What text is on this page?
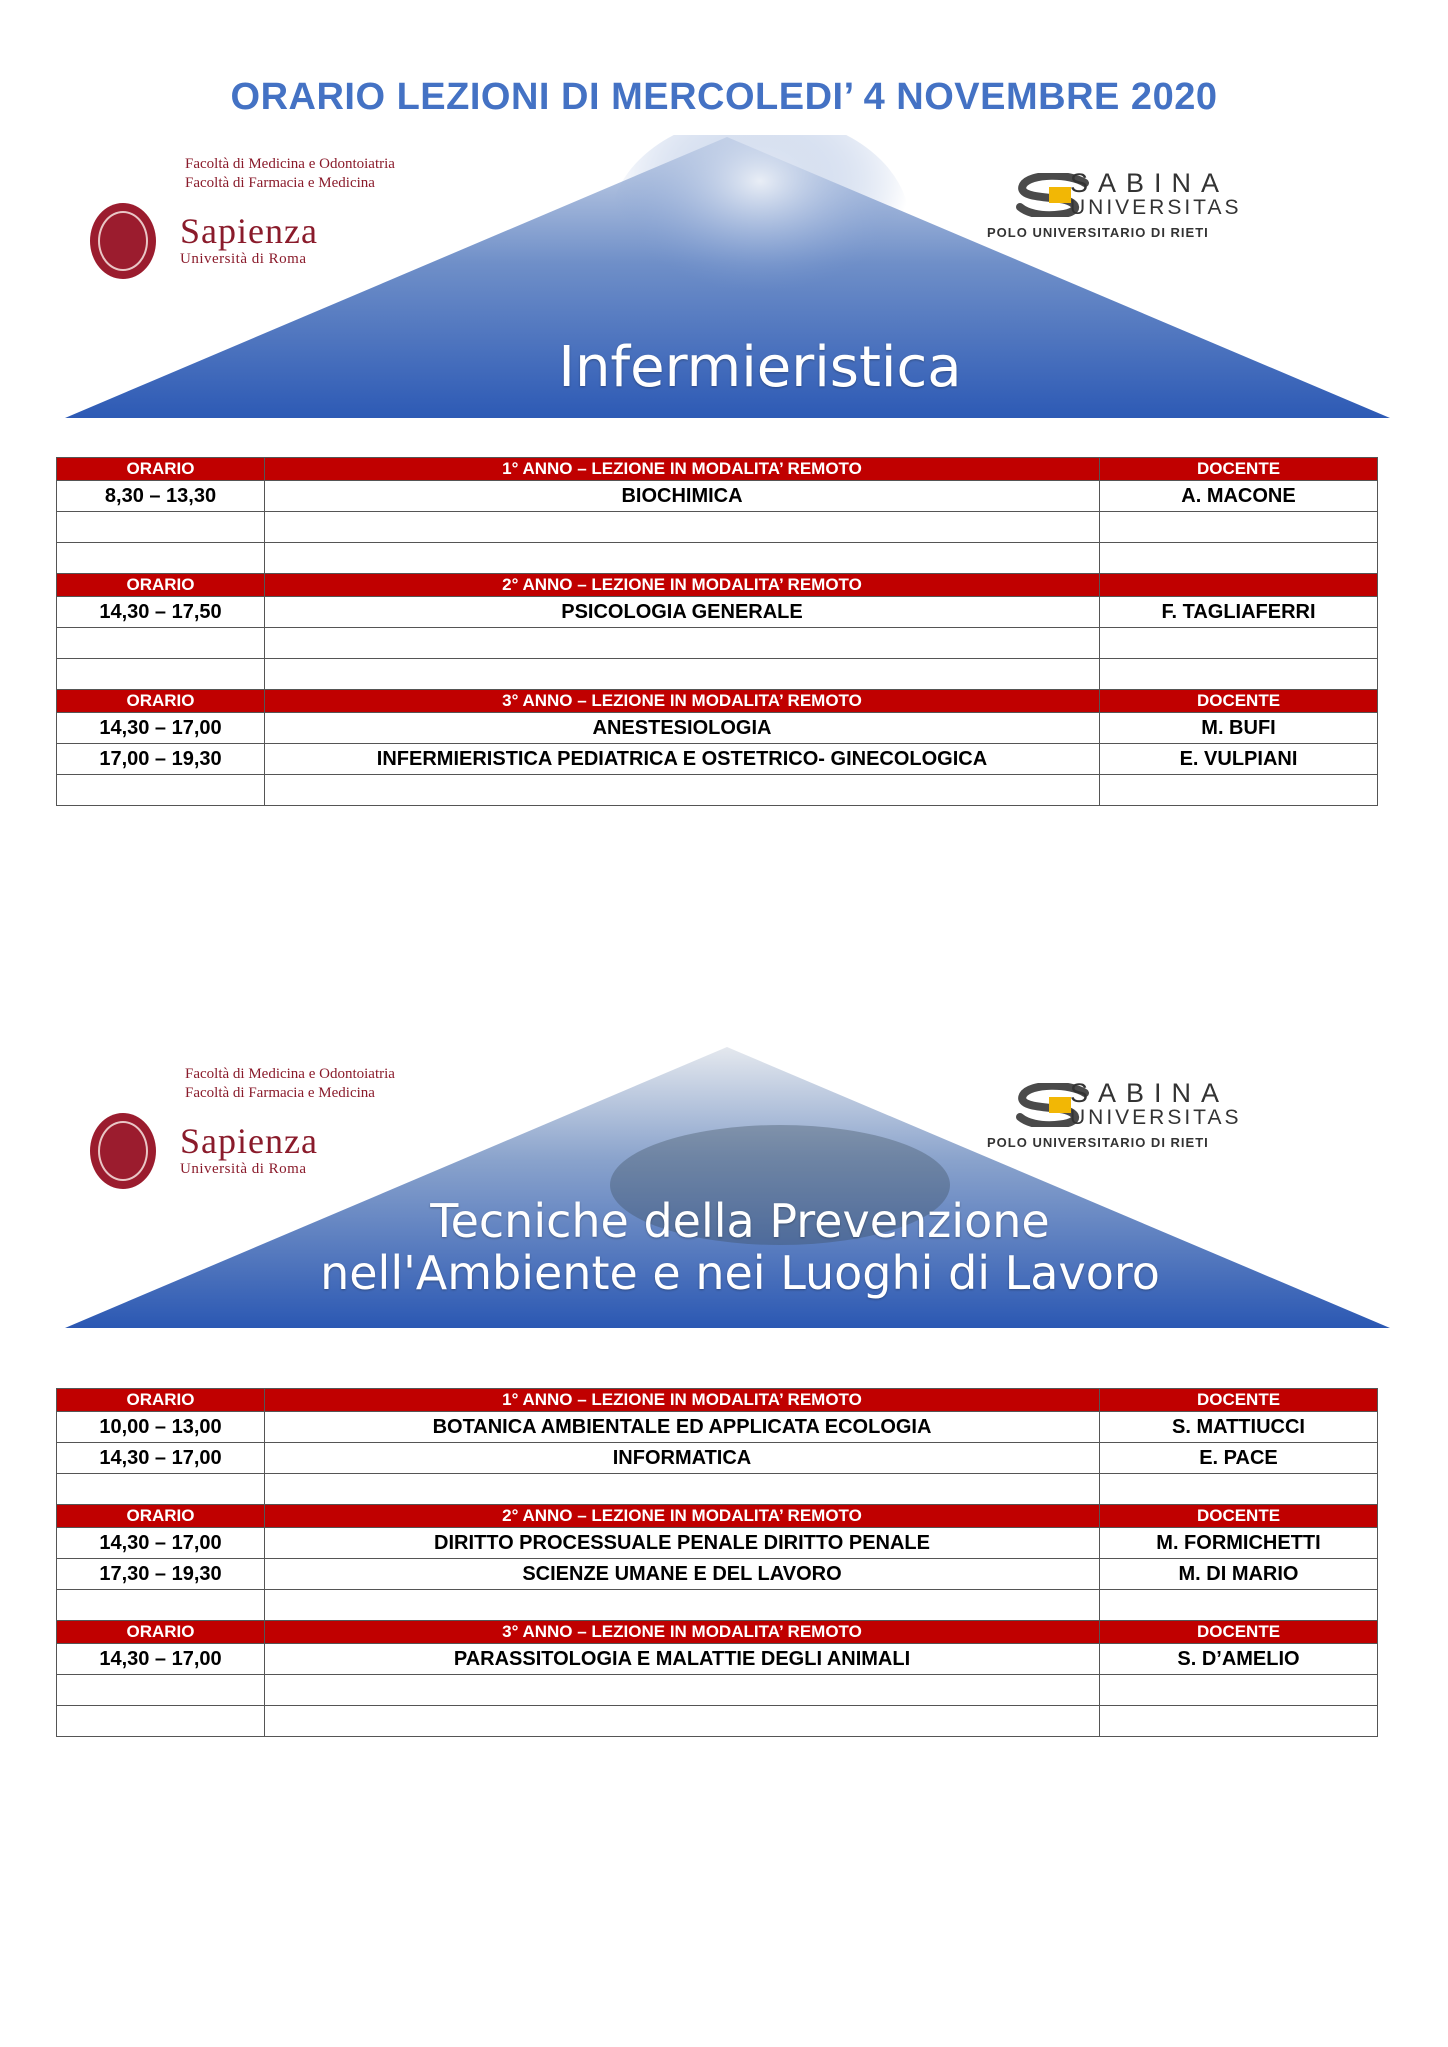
ORARIO LEZIONI DI MERCOLEDI’ 4 NOVEMBRE 2020
Infermieristica
Facoltà di Medicina e Odontoiatria
Facoltà di Farmacia e Medicina
Sapienza
Università di Roma
SABINA
UNIVERSITAS
POLO UNIVERSITARIO DI RIETI
ORARIO	1° ANNO – LEZIONE IN MODALITA’ REMOTO	DOCENTE
8,30 – 13,30	BIOCHIMICA	A. MACONE

ORARIO	2° ANNO – LEZIONE IN MODALITA’ REMOTO	
14,30 – 17,50	PSICOLOGIA GENERALE	F. TAGLIAFERRI

ORARIO	3° ANNO – LEZIONE IN MODALITA’ REMOTO	DOCENTE
14,30 – 17,00	ANESTESIOLOGIA	M. BUFI
17,00 – 19,30	INFERMIERISTICA PEDIATRICA E OSTETRICO- GINECOLOGICA	E. VULPIANI

Tecniche della Prevenzione
nell'Ambiente e nei Luoghi di Lavoro
Facoltà di Medicina e Odontoiatria
Facoltà di Farmacia e Medicina
Sapienza
Università di Roma
SABINA
UNIVERSITAS
POLO UNIVERSITARIO DI RIETI
ORARIO	1° ANNO – LEZIONE IN MODALITA’ REMOTO	DOCENTE
10,00 – 13,00	BOTANICA AMBIENTALE ED APPLICATA ECOLOGIA	S. MATTIUCCI
14,30 – 17,00	INFORMATICA	E. PACE

ORARIO	2° ANNO – LEZIONE IN MODALITA’ REMOTO	DOCENTE
14,30 – 17,00	DIRITTO PROCESSUALE PENALE DIRITTO PENALE	M. FORMICHETTI
17,30 – 19,30	SCIENZE UMANE E DEL LAVORO	M. DI MARIO

ORARIO	3° ANNO – LEZIONE IN MODALITA’ REMOTO	DOCENTE
14,30 – 17,00	PARASSITOLOGIA E MALATTIE DEGLI ANIMALI	S. D’AMELIO
